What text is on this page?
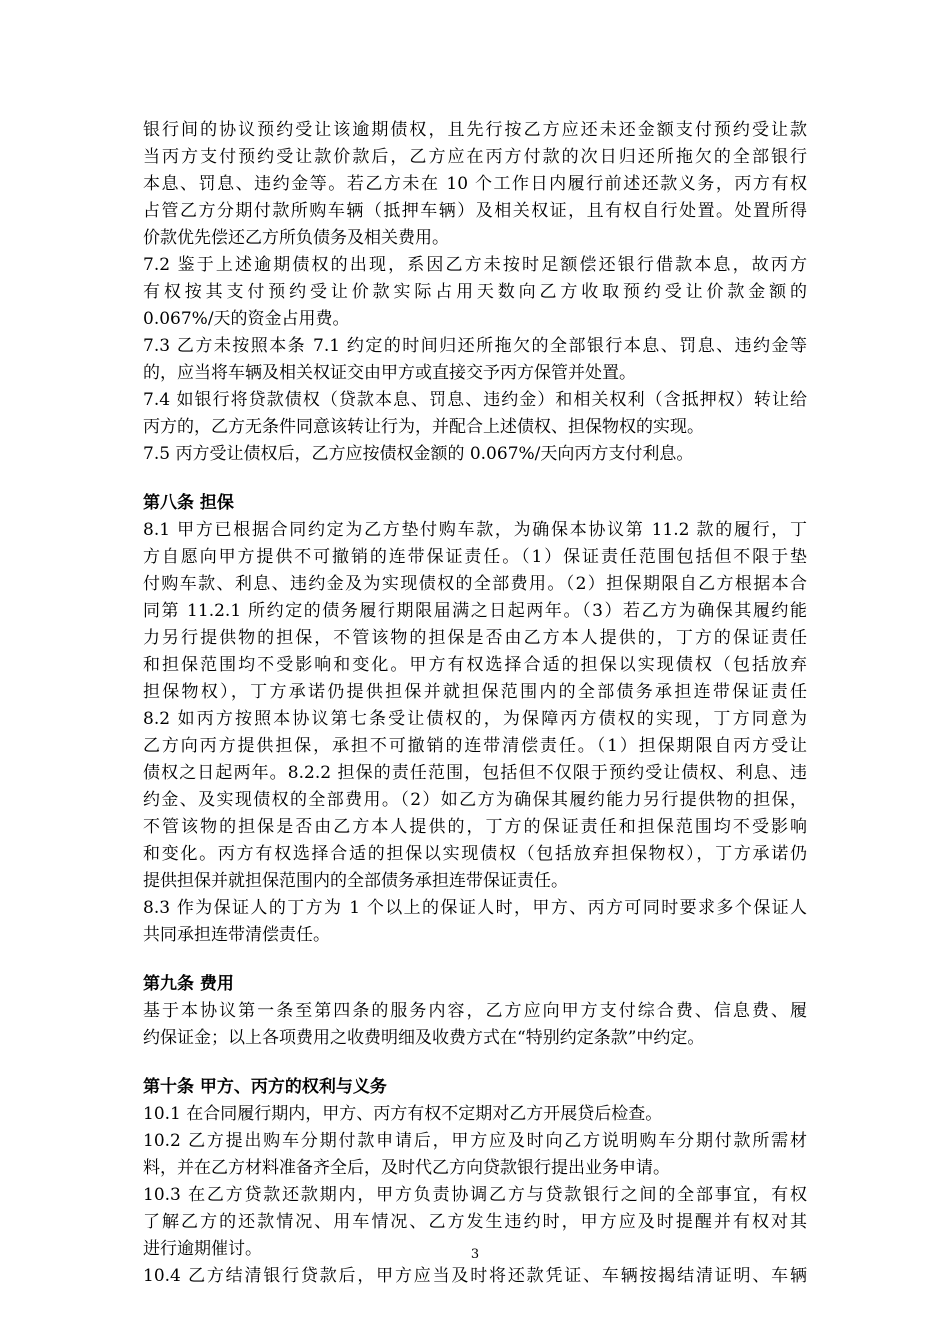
银行间的协议预约受让该逾期债权，且先行按乙方应还未还金额支付预约受让款
当丙方支付预约受让款价款后，乙方应在丙方付款的次日归还所拖欠的全部银行
本息、罚息、违约金等。若乙方未在 10 个工作日内履行前述还款义务，丙方有权
占管乙方分期付款所购车辆（抵押车辆）及相关权证，且有权自行处置。处置所得
价款优先偿还乙方所负债务及相关费用。
7.2 鉴于上述逾期债权的出现，系因乙方未按时足额偿还银行借款本息，故丙方
有权按其支付预约受让价款实际占用天数向乙方收取预约受让价款金额的
0.067%/天的资金占用费。
7.3 乙方未按照本条 7.1 约定的时间归还所拖欠的全部银行本息、罚息、违约金等
的，应当将车辆及相关权证交由甲方或直接交予丙方保管并处置。
7.4 如银行将贷款债权（贷款本息、罚息、违约金）和相关权利（含抵押权）转让给
丙方的，乙方无条件同意该转让行为，并配合上述债权、担保物权的实现。
7.5 丙方受让债权后，乙方应按债权金额的 0.067%/天向丙方支付利息。
第八条 担保
8.1 甲方已根据合同约定为乙方垫付购车款，为确保本协议第 11.2 款的履行，丁
方自愿向甲方提供不可撤销的连带保证责任。（1）保证责任范围包括但不限于垫
付购车款、利息、违约金及为实现债权的全部费用。（2）担保期限自乙方根据本合
同第 11.2.1 所约定的债务履行期限届满之日起两年。（3）若乙方为确保其履约能
力另行提供物的担保，不管该物的担保是否由乙方本人提供的，丁方的保证责任
和担保范围均不受影响和变化。甲方有权选择合适的担保以实现债权（包括放弃
担保物权），丁方承诺仍提供担保并就担保范围内的全部债务承担连带保证责任
8.2 如丙方按照本协议第七条受让债权的，为保障丙方债权的实现，丁方同意为
乙方向丙方提供担保，承担不可撤销的连带清偿责任。（1）担保期限自丙方受让
债权之日起两年。8.2.2 担保的责任范围，包括但不仅限于预约受让债权、利息、违
约金、及实现债权的全部费用。（2）如乙方为确保其履约能力另行提供物的担保，
不管该物的担保是否由乙方本人提供的，丁方的保证责任和担保范围均不受影响
和变化。丙方有权选择合适的担保以实现债权（包括放弃担保物权），丁方承诺仍
提供担保并就担保范围内的全部债务承担连带保证责任。
8.3 作为保证人的丁方为 1 个以上的保证人时，甲方、丙方可同时要求多个保证人
共同承担连带清偿责任。
第九条 费用
基于本协议第一条至第四条的服务内容，乙方应向甲方支付综合费、信息费、履
约保证金；以上各项费用之收费明细及收费方式在“特别约定条款”中约定。
第十条 甲方、丙方的权利与义务
10.1 在合同履行期内，甲方、丙方有权不定期对乙方开展贷后检查。
10.2 乙方提出购车分期付款申请后，甲方应及时向乙方说明购车分期付款所需材
料，并在乙方材料准备齐全后，及时代乙方向贷款银行提出业务申请。
10.3 在乙方贷款还款期内，甲方负责协调乙方与贷款银行之间的全部事宜，有权
了解乙方的还款情况、用车情况、乙方发生违约时，甲方应及时提醒并有权对其
进行逾期催讨。
10.4 乙方结清银行贷款后，甲方应当及时将还款凭证、车辆按揭结清证明、车辆
3
